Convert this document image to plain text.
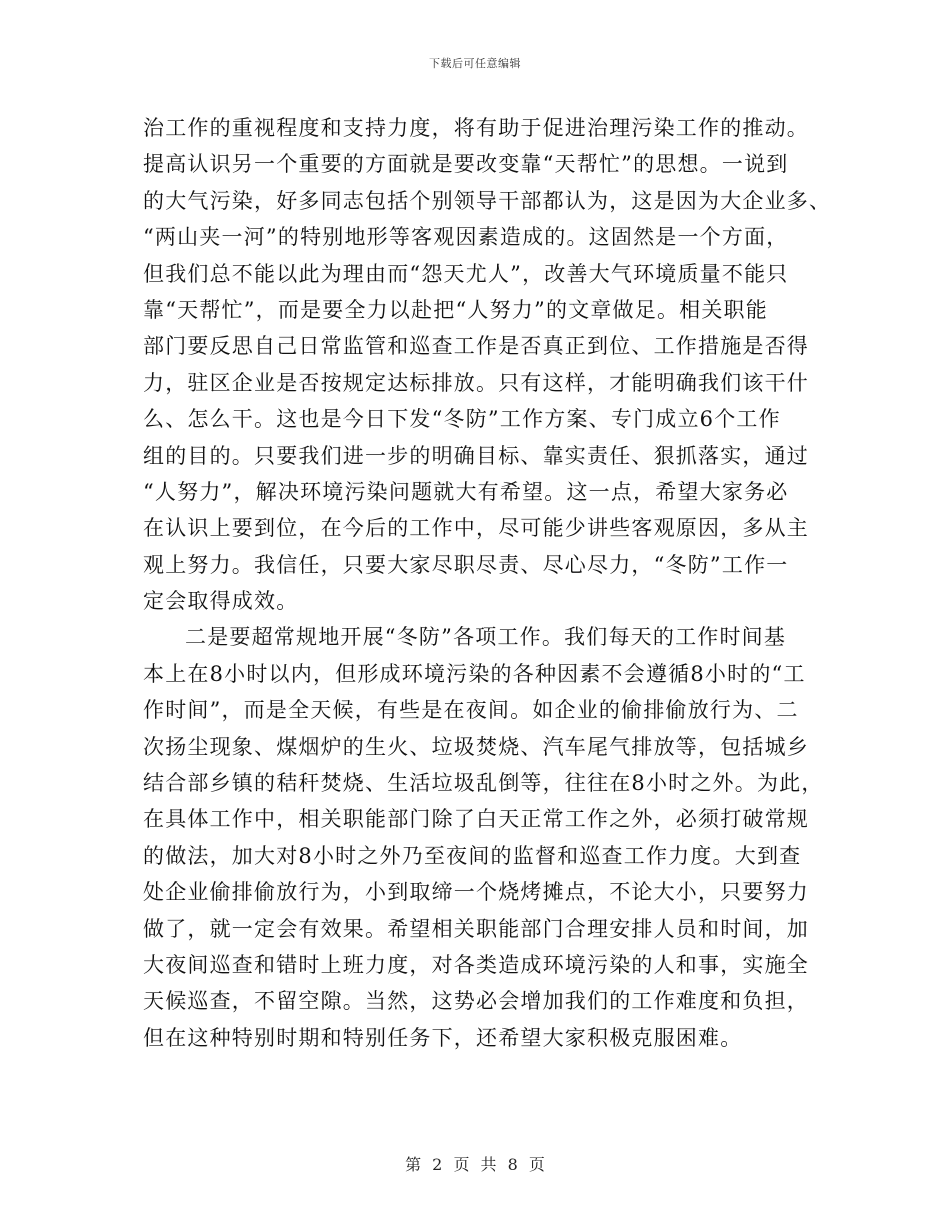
下载后可任意编辑
治工作的重视程度和支持力度，将有助于促进治理污染工作的推动。
提高认识另一个重要的方面就是要改变靠“天帮忙”的思想。一说到
的大气污染，好多同志包括个别领导干部都认为，这是因为大企业多、
“两山夹一河”的特别地形等客观因素造成的。这固然是一个方面，
但我们总不能以此为理由而“怨天尤人”，改善大气环境质量不能只
靠“天帮忙”，而是要全力以赴把“人努力”的文章做足。相关职能
部门要反思自己日常监管和巡查工作是否真正到位、工作措施是否得
力，驻区企业是否按规定达标排放。只有这样，才能明确我们该干什
么、怎么干。这也是今日下发“冬防”工作方案、专门成立6个工作
组的目的。只要我们进一步的明确目标、靠实责任、狠抓落实，通过
“人努力”，解决环境污染问题就大有希望。这一点，希望大家务必
在认识上要到位，在今后的工作中，尽可能少讲些客观原因，多从主
观上努力。我信任，只要大家尽职尽责、尽心尽力，“冬防”工作一
定会取得成效。
二是要超常规地开展“冬防”各项工作。我们每天的工作时间基
本上在8小时以内，但形成环境污染的各种因素不会遵循8小时的“工
作时间”，而是全天候，有些是在夜间。如企业的偷排偷放行为、二
次扬尘现象、煤烟炉的生火、垃圾焚烧、汽车尾气排放等，包括城乡
结合部乡镇的秸秆焚烧、生活垃圾乱倒等，往往在8小时之外。为此，
在具体工作中，相关职能部门除了白天正常工作之外，必须打破常规
的做法，加大对8小时之外乃至夜间的监督和巡查工作力度。大到查
处企业偷排偷放行为，小到取缔一个烧烤摊点，不论大小，只要努力
做了，就一定会有效果。希望相关职能部门合理安排人员和时间，加
大夜间巡查和错时上班力度，对各类造成环境污染的人和事，实施全
天候巡查，不留空隙。当然，这势必会增加我们的工作难度和负担，
但在这种特别时期和特别任务下，还希望大家积极克服困难。
第 2 页 共 8 页
